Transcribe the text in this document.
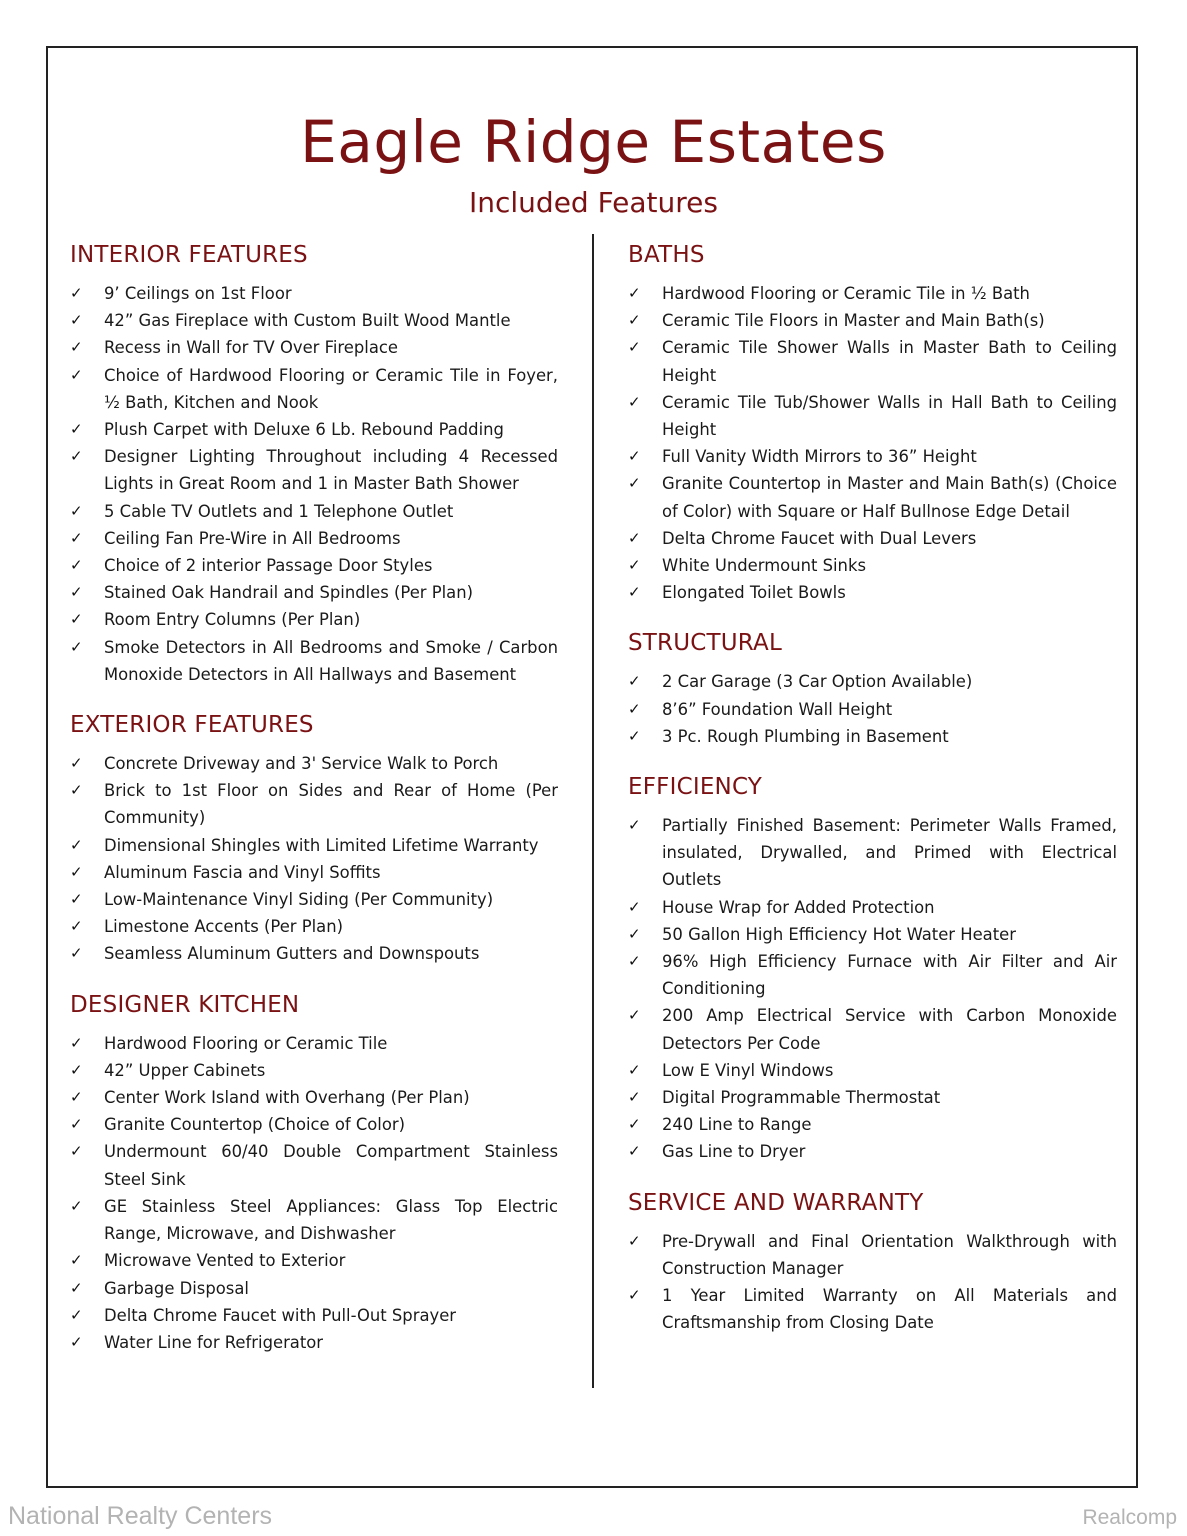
Eagle Ridge Estates
Included Features
INTERIOR FEATURES
✓ 9’ Ceilings on 1st Floor
✓ 42” Gas Fireplace with Custom Built Wood Mantle
✓ Recess in Wall for TV Over Fireplace
✓ Choice of Hardwood Flooring or Ceramic Tile in Foyer, ½ Bath, Kitchen and Nook
✓ Plush Carpet with Deluxe 6 Lb. Rebound Padding
✓ Designer Lighting Throughout including 4 Recessed Lights in Great Room and 1 in Master Bath Shower
✓ 5 Cable TV Outlets and 1 Telephone Outlet
✓ Ceiling Fan Pre-Wire in All Bedrooms
✓ Choice of 2 interior Passage Door Styles
✓ Stained Oak Handrail and Spindles (Per Plan)
✓ Room Entry Columns (Per Plan)
✓ Smoke Detectors in All Bedrooms and Smoke / Carbon Monoxide Detectors in All Hallways and Basement
EXTERIOR FEATURES
✓ Concrete Driveway and 3' Service Walk to Porch
✓ Brick to 1st Floor on Sides and Rear of Home (Per Community)
✓ Dimensional Shingles with Limited Lifetime Warranty
✓ Aluminum Fascia and Vinyl Soffits
✓ Low-Maintenance Vinyl Siding (Per Community)
✓ Limestone Accents (Per Plan)
✓ Seamless Aluminum Gutters and Downspouts
DESIGNER KITCHEN
✓ Hardwood Flooring or Ceramic Tile
✓ 42” Upper Cabinets
✓ Center Work Island with Overhang (Per Plan)
✓ Granite Countertop (Choice of Color)
✓ Undermount 60/40 Double Compartment Stainless Steel Sink
✓ GE Stainless Steel Appliances: Glass Top Electric Range, Microwave, and Dishwasher
✓ Microwave Vented to Exterior
✓ Garbage Disposal
✓ Delta Chrome Faucet with Pull-Out Sprayer
✓ Water Line for Refrigerator
BATHS
✓ Hardwood Flooring or Ceramic Tile in ½ Bath
✓ Ceramic Tile Floors in Master and Main Bath(s)
✓ Ceramic Tile Shower Walls in Master Bath to Ceiling Height
✓ Ceramic Tile Tub/Shower Walls in Hall Bath to Ceiling Height
✓ Full Vanity Width Mirrors to 36” Height
✓ Granite Countertop in Master and Main Bath(s) (Choice of Color) with Square or Half Bullnose Edge Detail
✓ Delta Chrome Faucet with Dual Levers
✓ White Undermount Sinks
✓ Elongated Toilet Bowls
STRUCTURAL
✓ 2 Car Garage (3 Car Option Available)
✓ 8’6” Foundation Wall Height
✓ 3 Pc. Rough Plumbing in Basement
EFFICIENCY
✓ Partially Finished Basement: Perimeter Walls Framed, insulated, Drywalled, and Primed with Electrical Outlets
✓ House Wrap for Added Protection
✓ 50 Gallon High Efficiency Hot Water Heater
✓ 96% High Efficiency Furnace with Air Filter and Air Conditioning
✓ 200 Amp Electrical Service with Carbon Monoxide Detectors Per Code
✓ Low E Vinyl Windows
✓ Digital Programmable Thermostat
✓ 240 Line to Range
✓ Gas Line to Dryer
SERVICE AND WARRANTY
✓ Pre-Drywall and Final Orientation Walkthrough with Construction Manager
✓ 1 Year Limited Warranty on All Materials and Craftsmanship from Closing Date
National Realty Centers	Realcomp
